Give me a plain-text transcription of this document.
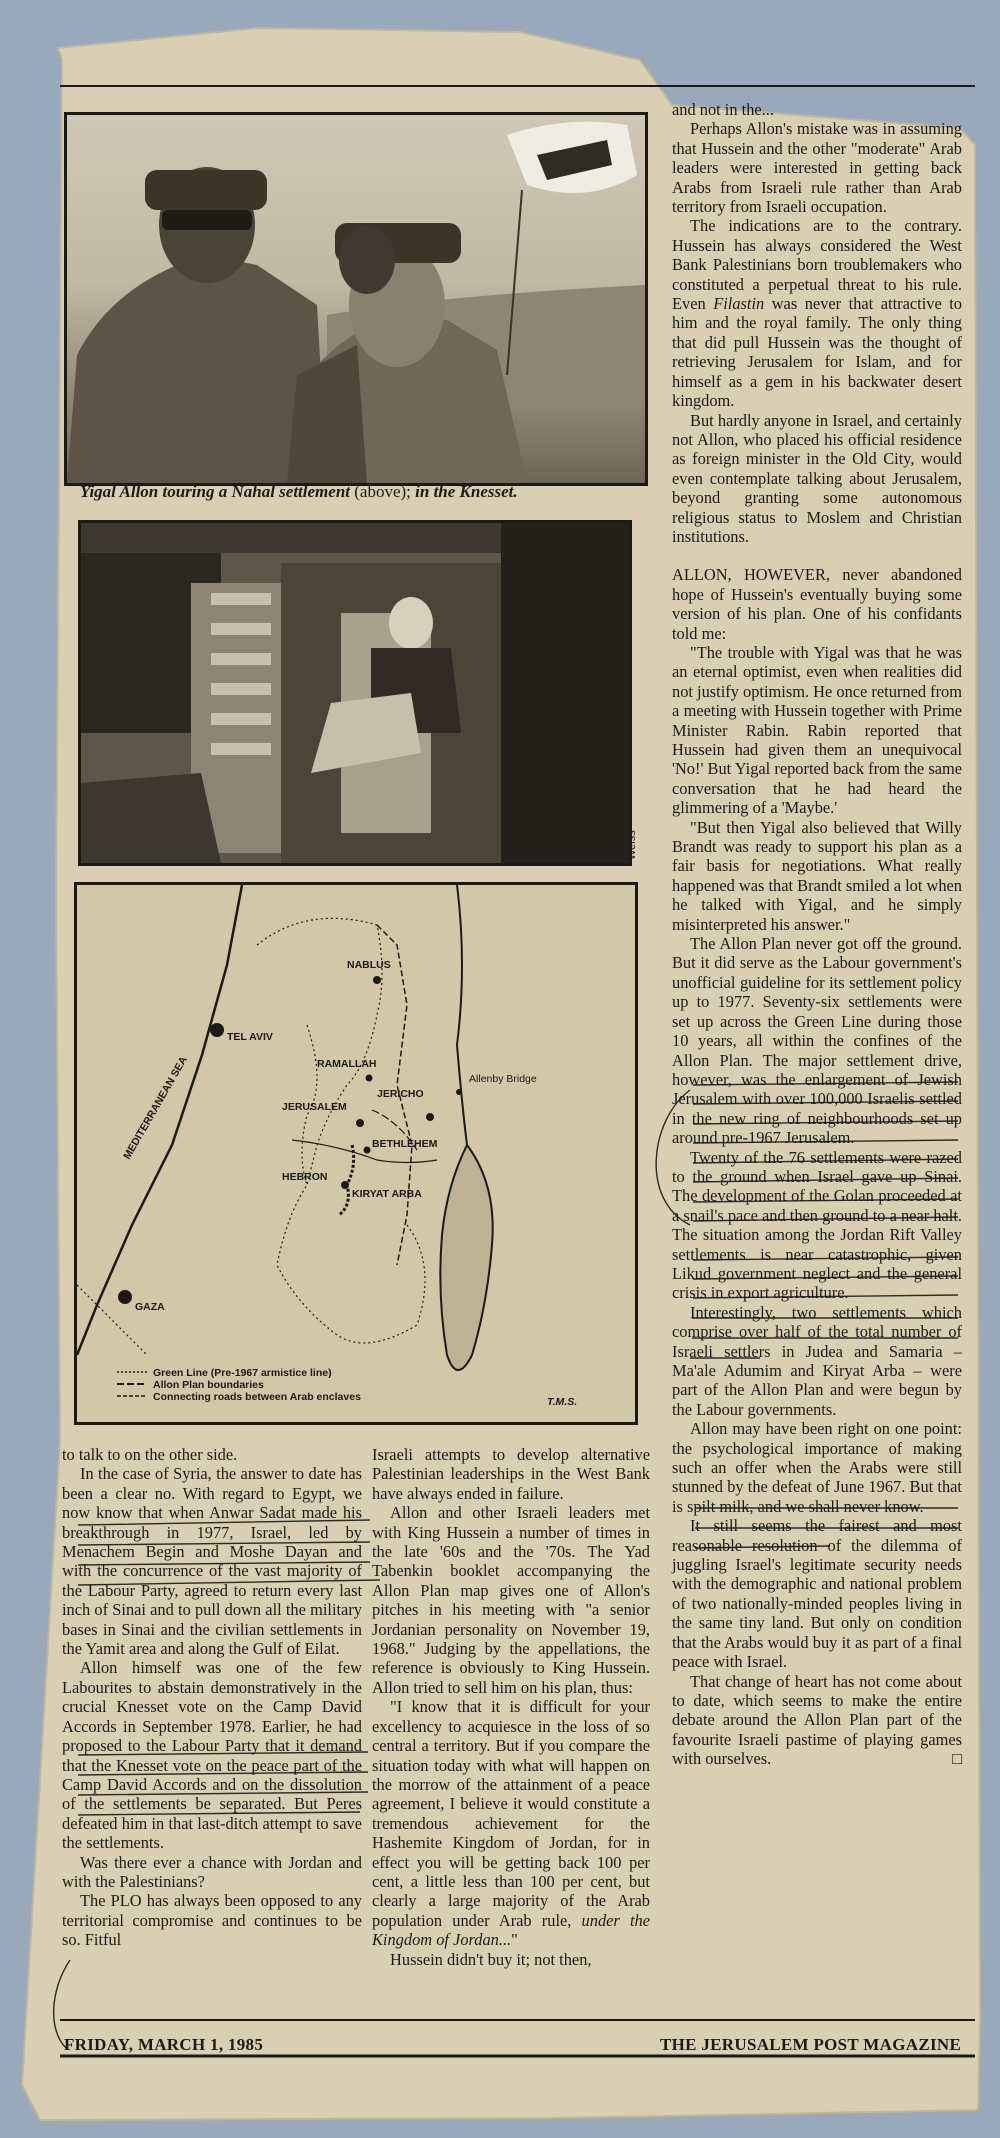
Yigal Allon touring a Nahal settlement (above); in the Knesset.
Weiss
MEDITERRANEAN SEA
NABLUS
TEL AVIV
RAMALLAH
Allenby Bridge
JERICHO
JERUSALEM
BETHLEHEM
HEBRON
KIRYAT ARBA
GAZA
Green Line (Pre-1967 armistice line)
Allon Plan boundaries
Connecting roads between Arab enclaves	T.M.S.

and not in the...

Perhaps Allon's mistake was in assuming that Hussein and the other "moderate" Arab leaders were interested in getting back Arabs from Israeli rule rather than Arab territory from Israeli occupation.

The indications are to the contrary. Hussein has always considered the West Bank Palestinians born troublemakers who constituted a perpetual threat to his rule. Even Filastin was never that attractive to him and the royal family. The only thing that did pull Hussein was the thought of retrieving Jerusalem for Islam, and for himself as a gem in his backwater desert kingdom.

But hardly anyone in Israel, and certainly not Allon, who placed his official residence as foreign minister in the Old City, would even contemplate talking about Jerusalem, beyond granting some autonomous religious status to Moslem and Christian institutions.

ALLON, HOWEVER, never abandoned hope of Hussein's eventually buying some version of his plan. One of his confidants told me:

"The trouble with Yigal was that he was an eternal optimist, even when realities did not justify optimism. He once returned from a meeting with Hussein together with Prime Minister Rabin. Rabin reported that Hussein had given them an unequivocal 'No!' But Yigal reported back from the same conversation that he had heard the glimmering of a 'Maybe.'

"But then Yigal also believed that Willy Brandt was ready to support his plan as a fair basis for negotiations. What really happened was that Brandt smiled a lot when he talked with Yigal, and he simply misinterpreted his answer."

The Allon Plan never got off the ground. But it did serve as the Labour government's unofficial guideline for its settlement policy up to 1977. Seventy-six settlements were set up across the Green Line during those 10 years, all within the confines of the Allon Plan. The major settlement drive, however, was the enlargement of Jewish Jerusalem with over 100,000 Israelis settled in the new ring of neighbourhoods set up around pre-1967 Jerusalem.

Twenty of the 76 settlements were razed to the ground when Israel gave up Sinai. The development of the Golan proceeded at a snail's pace and then ground to a near halt. The situation among the Jordan Rift Valley settlements is near catastrophic, given Likud government neglect and the general crisis in export agriculture.

Interestingly, two settlements which comprise over half of the total number of Israeli settlers in Judea and Samaria – Ma'ale Adumim and Kiryat Arba – were part of the Allon Plan and were begun by the Labour governments.

Allon may have been right on one point: the psychological importance of making such an offer when the Arabs were still stunned by the defeat of June 1967. But that is spilt milk, and we shall never know.

It still seems the fairest and most reasonable resolution of the dilemma of juggling Israel's legitimate security needs with the demographic and national problem of two nationally-minded peoples living in the same tiny land. But only on condition that the Arabs would buy it as part of a final peace with Israel.

That change of heart has not come about to date, which seems to make the entire debate around the Allon Plan part of the favourite Israeli pastime of playing games with ourselves.	□

to talk to on the other side.

In the case of Syria, the answer to date has been a clear no. With regard to Egypt, we now know that when Anwar Sadat made his breakthrough in 1977, Israel, led by Menachem Begin and Moshe Dayan and with the concurrence of the vast majority of the Labour Party, agreed to return every last inch of Sinai and to pull down all the military bases in Sinai and the civilian settlements in the Yamit area and along the Gulf of Eilat.

Allon himself was one of the few Labourites to abstain demonstratively in the crucial Knesset vote on the Camp David Accords in September 1978. Earlier, he had proposed to the Labour Party that it demand that the Knesset vote on the peace part of the Camp David Accords and on the dissolution of the settlements be separated. But Peres defeated him in that last-ditch attempt to save the settlements.

Was there ever a chance with Jordan and with the Palestinians?

The PLO has always been opposed to any territorial compromise and continues to be so. Fitful

Israeli attempts to develop alternative Palestinian leaderships in the West Bank have always ended in failure.

Allon and other Israeli leaders met with King Hussein a number of times in the late '60s and the '70s. The Yad Tabenkin booklet accompanying the Allon Plan map gives one of Allon's pitches in his meeting with "a senior Jordanian personality on November 19, 1968." Judging by the appellations, the reference is obviously to King Hussein. Allon tried to sell him on his plan, thus:

"I know that it is difficult for your excellency to acquiesce in the loss of so central a territory. But if you compare the situation today with what will happen on the morrow of the attainment of a peace agreement, I believe it would constitute a tremendous achievement for the Hashemite Kingdom of Jordan, for in effect you will be getting back 100 per cent, a little less than 100 per cent, but clearly a large majority of the Arab population under Arab rule, under the Kingdom of Jordan..."

Hussein didn't buy it; not then,

FRIDAY, MARCH 1, 1985	THE JERUSALEM POST MAGAZINE
